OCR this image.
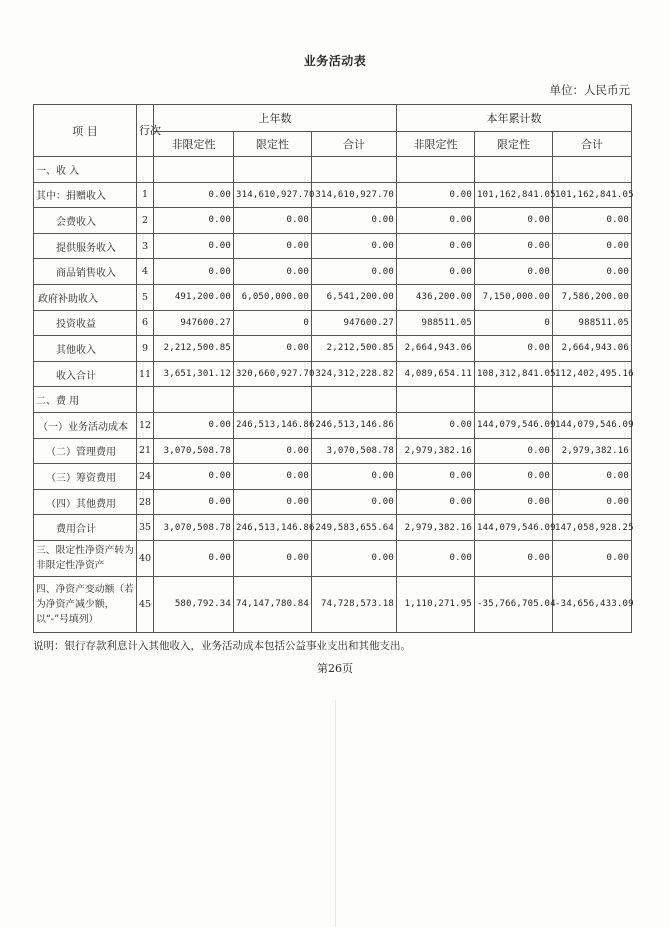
业务活动表
单位：人民币元
项 目	行次	上年数			本年累计数		
		非限定性	限定性	合计	非限定性	限定性	合计
一、收 入							
其中：捐赠收入	1	0.00	314,610,927.70	314,610,927.70	0.00	101,162,841.05	101,162,841.05
会费收入	2	0.00	0.00	0.00	0.00	0.00	0.00
提供服务收入	3	0.00	0.00	0.00	0.00	0.00	0.00
商品销售收入	4	0.00	0.00	0.00	0.00	0.00	0.00
政府补助收入	5	491,200.00	6,050,000.00	6,541,200.00	436,200.00	7,150,000.00	7,586,200.00
投资收益	6	947600.27	0	947600.27	988511.05	0	988511.05
其他收入	9	2,212,500.85	0.00	2,212,500.85	2,664,943.06	0.00	2,664,943.06
收入合计	11	3,651,301.12	320,660,927.70	324,312,228.82	4,089,654.11	108,312,841.05	112,402,495.16
二、费 用							
（一）业务活动成本	12	0.00	246,513,146.86	246,513,146.86	0.00	144,079,546.09	144,079,546.09
（二）管理费用	21	3,070,508.78	0.00	3,070,508.78	2,979,382.16	0.00	2,979,382.16
（三）筹资费用	24	0.00	0.00	0.00	0.00	0.00	0.00
（四）其他费用	28	0.00	0.00	0.00	0.00	0.00	0.00
费用合计	35	3,070,508.78	246,513,146.86	249,583,655.64	2,979,382.16	144,079,546.09	147,058,928.25
三、限定性净资产转为非限定性净资产	40	0.00	0.00	0.00	0.00	0.00	0.00
四、净资产变动额（若为净资产减少额，以“-”号填列）	45	580,792.34	74,147,780.84	74,728,573.18	1,110,271.95	-35,766,705.04	-34,656,433.09
说明：银行存款利息计入其他收入，业务活动成本包括公益事业支出和其他支出。
第26页
